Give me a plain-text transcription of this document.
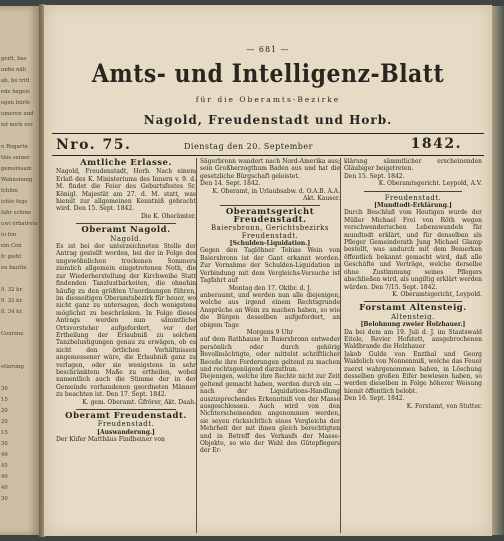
gerlt, bas
unbe näh
ab, be tritt
ede begeis
egen bürfe
umeren und
nd noch ver
n Rogartn
tbie seiner
gemeinsam
Wahnsinnig
fchlim
ichte fegs
fahr schme
uwi erbatrete
iu fen
ein Con
fc giebt
en bautte
9. 32 kr.
9. 32 kr.
8. 34 kr.
Coursne
etierung
30
15
20
20
15
30
40
45
40
40
30
— 681 —
Amts- und Intelligenz-Blatt
für die Oberamts-Bezirke
Nagold, Freudenstadt und Horb.
Nro. 75.	Dienstag den 20. September	1842.

Amtliche Erlasse.

Nagold, Freudenstadt, Horb. Nach einem Erlaß des K. Ministeriums des Innern v. 9. d. M. findet die Feier des Geburtsfestes Sr. Königl. Majestät am 27. d. M. statt, was hiemit zur allgemeinen Kenntniß gebracht wird. Den 15. Sept. 1842.

Die K. Oberämter.

Oberamt Nagold.

Nagold.

Es ist bei der unterzeichneten Stelle der Antrag gestellt worden, bei der in Folge des ungewöhnlichen trockenen Sommers ziemlich allgemein eingetretenen Noth, die zur Wiederherstellung der Kirchweihe Statt findenden Tanzlustbarkeiten, die ohnehin häufig zu den größten Unordnungen führen, im diesseitigen Oberamtsbezirk für heuer, wo nicht ganz zu untersagen, doch wenigstens möglichst zu beschränken. In Folge dieses Antrags werden nun sämmtliche Ortsvorsteher aufgefordert, vor der Ertheilung der Erlaubniß zu solchen Tanzbelustigungen genau zu erwägen, ob es nicht den örtlichen Verhältnissen angemessener wäre, die Erlaubniß ganz zu verlagen, oder sie wenigstens in sehr beschränktem Maße zu ertheilen, wobei namentlich auch die Stimme der in der Gemeinde vorhandenen geordneten Männer zu beachten ist. Den 17. Sept. 1842.

K. gem. Oberamt. Gfrörer, Akt. Daab.

Oberamt Freudenstadt.

Freudenstadt.

[Auswanderung.]

Der Küfer Matthäus Findbeiner von

Sägerbronn wandert nach Nord-Amerika aus; sein Großherzogthum Baden aus und hat die gesetzliche Bürgschaft geleistet.

Den 14. Sept. 1842.

K. Oberamt, in Urlaubsabw. d. O.A.B. A.A. Akt. Kauser.

Oberamtsgericht Freudenstadt.

Baiersbronn, Gerichtsbezirks Freudenstadt.

[Schulden-Liquidation.]

Gegen den Taglöhner Tobias Wein von Baiersbronn ist der Gant erkannt worden. Zur Vornahme der Schulden-Liquidation in Verbindung mit dem Vergleichs-Versuche ist Tagfahrt auf

Montag den 17. Oktbr. d. J.

anberaumt, und werden nun alle diejenigen, welche aus irgend einem Rechtsgrunde Ansprüche an Wein zu machen haben, so wie die Bürgen desselben aufgefordert, an obigem Tage

Morgens 9 Uhr

auf dem Rathhause in Baiersbronn entweder persönlich oder durch gehörig Bevollmächtigte, oder mittelst schriftlicher Receße ihre Forderungen geltend zu machen und rechtsgenügend darzuthun.

Diejenigen, welche ihre Rechte nicht zur Zeit geltend gemacht haben, werden durch ein — nach der Liquidations-Handlung auszusprechendes Erkenntniß von der Masse ausgeschlossen. Auch wird von den Nichterscheinenden angenommen werden, sie seyen rücksichtlich eines Vergleichs der Mehrheit der mit ihnen gleich berechtigten und in Betreff des Verkaufs der Masse-Objekte, so wie der Wahl des Gütepflegers der Er-

klärung sämmtlicher erscheinenden Gläubiger beigetreten.

Den 15. Sept. 1842.

K. Oberamtsgericht. Leypold, A.V.

Freudenstadt.

[Mundtodt-Erklärung.]

Durch Beschluß vom Heutigen wurde der Müller Michael Frei von Röth wegen verschwenderischen Lebenswandels für mundtodt erklärt, und für denselben als Pfleger Gemeinderath Jung Michael Glamp bestellt, was andurch mit dem Bemerken öffentlich bekannt gemacht wird, daß alle Geschäfte und Verträge, welche derselbe ohne Zustimmung seines Pflegers abschließen wird, als ungiltig erklärt werden würden. Den 7/15. Sept. 1842.

K. Oberamtsgericht, Leypold.

Forstamt Altensteig.

Altensteig.

[Belohnung zweier Holzhauer.]

Da bei dem am 19. Juli d. J. im Staatswald Eitele, Revier Hofstett, ausgebrochenen Waldbrande die Holzhauer

Jakob Gulde von Enzthal und Georg Waidelich von Nonnenmiß, welche das Feuer zuerst wahrgenommen haben, in Löschung desselben großen Eifer bewiesen haben, so werden dieselben in Folge höherer Weisung hiemit öffentlich belobt.

Den 16. Sept. 1842.

K. Forstamt, von Stutter.
